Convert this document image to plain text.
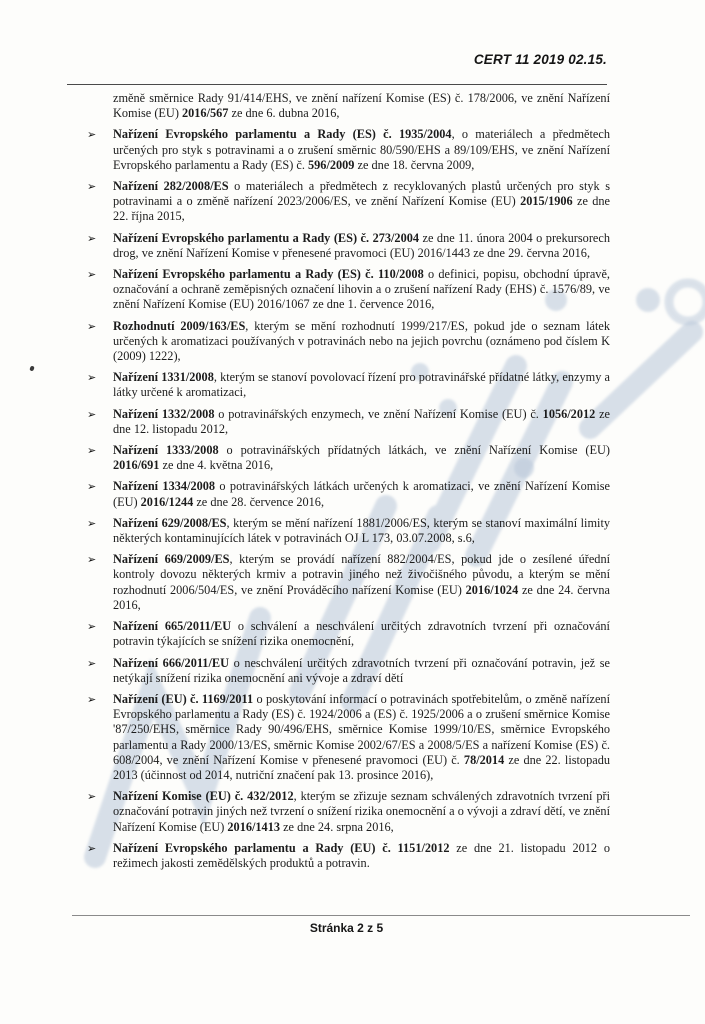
CERT 11 2019 02.15.

změně směrnice Rady 91/414/EHS, ve znění nařízení Komise (ES) č. 178/2006, ve znění Nařízení Komise (EU) 2016/567 ze dne 6. dubna 2016,

➢ Nařízení Evropského parlamentu a Rady (ES) č. 1935/2004, o materiálech a předmětech určených pro styk s potravinami a o zrušení směrnic 80/590/EHS a 89/109/EHS, ve znění Nařízení Evropského parlamentu a Rady (ES) č. 596/2009 ze dne 18. června 2009,

➢ Nařízení 282/2008/ES o materiálech a předmětech z recyklovaných plastů určených pro styk s potravinami a o změně nařízení 2023/2006/ES, ve znění Nařízení Komise (EU) 2015/1906 ze dne 22. října 2015,

➢ Nařízení Evropského parlamentu a Rady (ES) č. 273/2004 ze dne 11. února 2004 o prekursorech drog, ve znění Nařízení Komise v přenesené pravomoci (EU) 2016/1443 ze dne 29. června 2016,

➢ Nařízení Evropského parlamentu a Rady (ES) č. 110/2008 o definici, popisu, obchodní úpravě, označování a ochraně zeměpisných označení lihovin a o zrušení nařízení Rady (EHS) č. 1576/89, ve znění Nařízení Komise (EU) 2016/1067 ze dne 1. července 2016,

➢ Rozhodnutí 2009/163/ES, kterým se mění rozhodnutí 1999/217/ES, pokud jde o seznam látek určených k aromatizaci používaných v potravinách nebo na jejich povrchu (oznámeno pod číslem K (2009) 1222),

➢ Nařízení 1331/2008, kterým se stanoví povolovací řízení pro potravinářské přídatné látky, enzymy a látky určené k aromatizaci,

➢ Nařízení 1332/2008 o potravinářských enzymech, ve znění Nařízení Komise (EU) č. 1056/2012 ze dne 12. listopadu 2012,

➢ Nařízení 1333/2008 o potravinářských přídatných látkách, ve znění Nařízení Komise (EU) 2016/691 ze dne 4. května 2016,

➢ Nařízení 1334/2008 o potravinářských látkách určených k aromatizaci, ve znění Nařízení Komise (EU) 2016/1244 ze dne 28. července 2016,

➢ Nařízení 629/2008/ES, kterým se mění nařízení 1881/2006/ES, kterým se stanoví maximální limity některých kontaminujících látek v potravinách OJ L 173, 03.07.2008, s.6,

➢ Nařízení 669/2009/ES, kterým se provádí nařízení 882/2004/ES, pokud jde o zesílené úřední kontroly dovozu některých krmiv a potravin jiného než živočišného původu, a kterým se mění rozhodnutí 2006/504/ES, ve znění Prováděcího nařízení Komise (EU) 2016/1024 ze dne 24. června 2016,

➢ Nařízení 665/2011/EU o schválení a neschválení určitých zdravotních tvrzení při označování potravin týkajících se snížení rizika onemocnění,

➢ Nařízení 666/2011/EU o neschválení určitých zdravotních tvrzení při označování potravin, jež se netýkají snížení rizika onemocnění ani vývoje a zdraví dětí

➢ Nařízení (EU) č. 1169/2011 o poskytování informací o potravinách spotřebitelům, o změně nařízení Evropského parlamentu a Rady (ES) č. 1924/2006 a (ES) č. 1925/2006 a o zrušení směrnice Komise '87/250/EHS, směrnice Rady 90/496/EHS, směrnice Komise 1999/10/ES, směrnice Evropského parlamentu a Rady 2000/13/ES, směrnic Komise 2002/67/ES a 2008/5/ES a nařízení Komise (ES) č. 608/2004, ve znění Nařízení Komise v přenesené pravomoci (EU) č. 78/2014 ze dne 22. listopadu 2013 (účinnost od 2014, nutriční značení pak 13. prosince 2016),

➢ Nařízení Komise (EU) č. 432/2012, kterým se zřizuje seznam schválených zdravotních tvrzení při označování potravin jiných než tvrzení o snížení rizika onemocnění a o vývoji a zdraví dětí, ve znění Nařízení Komise (EU) 2016/1413 ze dne 24. srpna 2016,

➢ Nařízení Evropského parlamentu a Rady (EU) č. 1151/2012 ze dne 21. listopadu 2012 o režimech jakosti zemědělských produktů a potravin.

Stránka 2 z 5
